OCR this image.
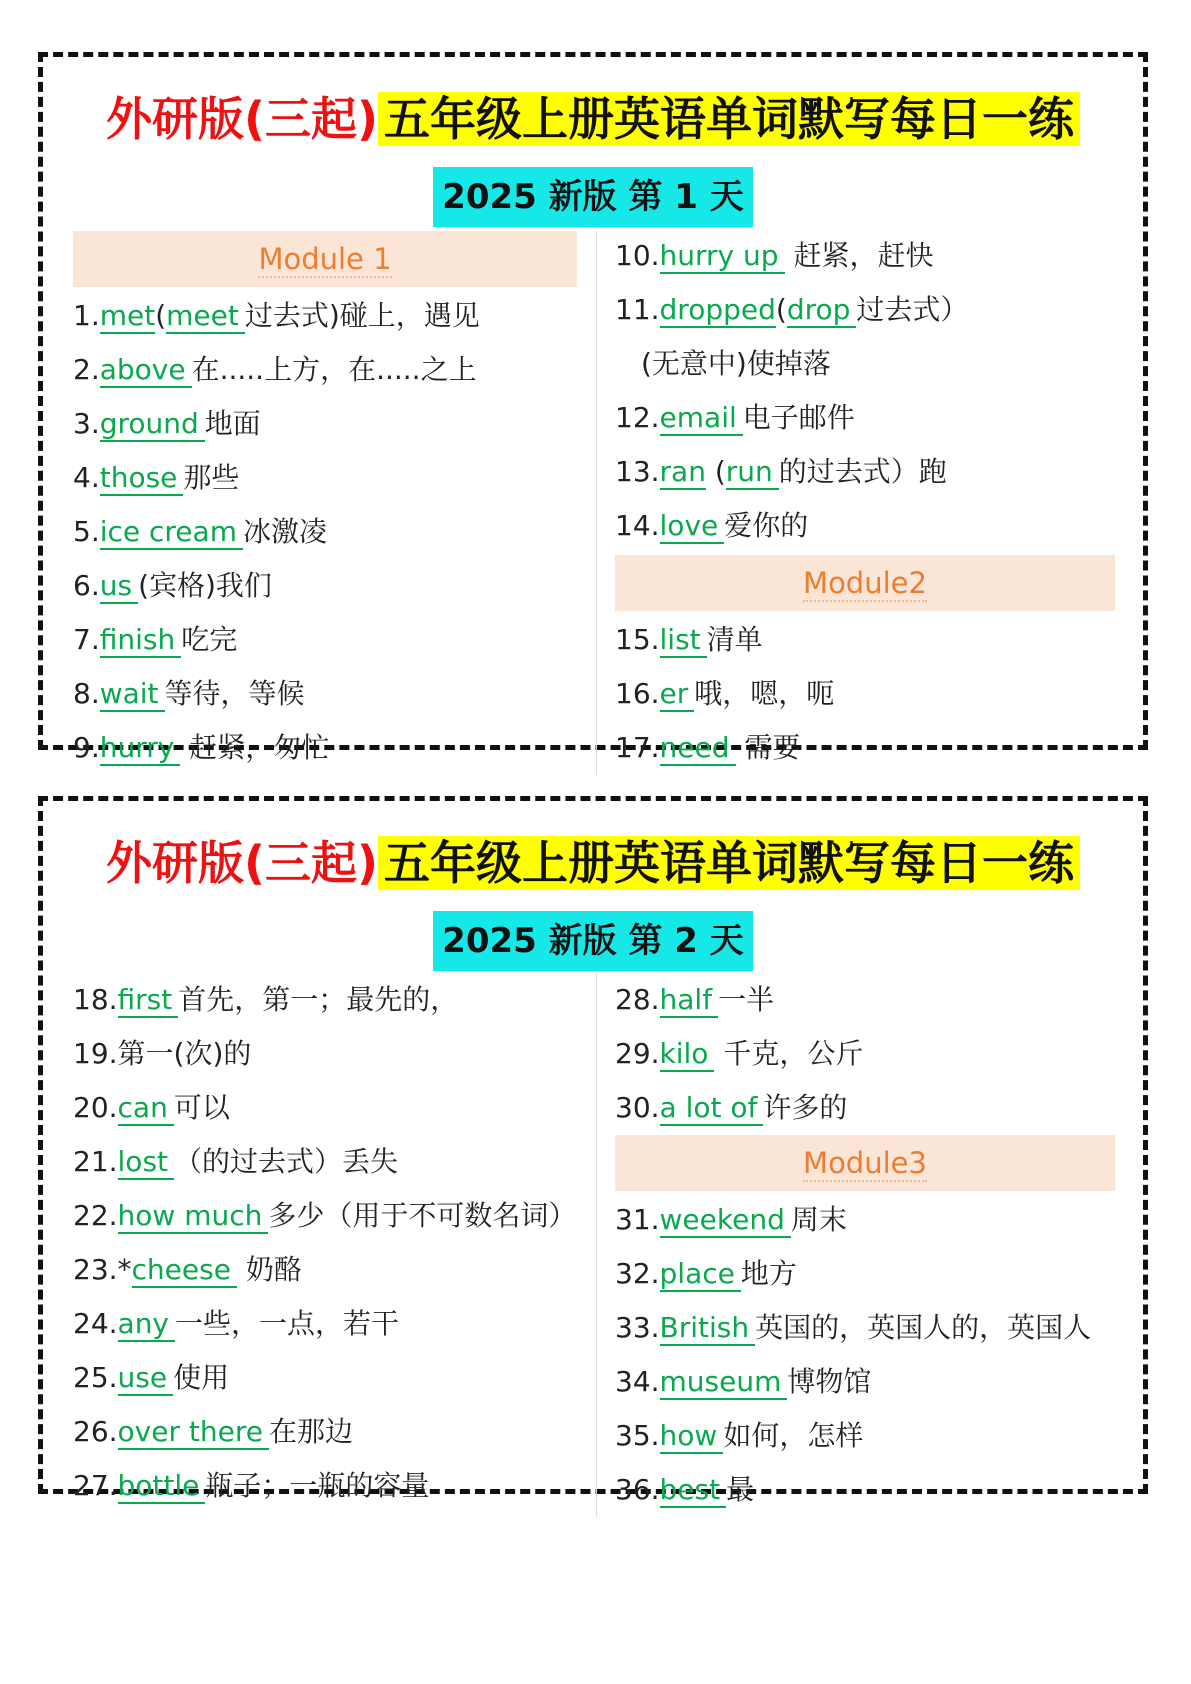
外研版(三起) 五年级上册英语单词默写每日一练
2025 新版 第 1 天
Module 1
1.met(meet 过去式)碰上，遇见
2.above 在.....上方，在.....之上
3.ground 地面
4.those 那些
5.ice cream 冰激凌
6.us (宾格)我们
7.finish 吃完
8.wait 等待，等候
9.hurry 赶紧，匆忙
10.hurry up 赶紧，赶快
11.dropped(drop 过去式）
(无意中)使掉落
12.email 电子邮件
13.ran (run 的过去式）跑
14.love 爱你的
Module2
15.list 清单
16.er 哦，嗯，呃
17.need 需要
外研版(三起) 五年级上册英语单词默写每日一练
2025 新版 第 2 天
18.first 首先，第一；最先的，
19.第一(次)的
20.can 可以
21.lost （的过去式）丢失
22.how much 多少（用于不可数名词）
23.*cheese 奶酪
24.any 一些，一点，若干
25.use 使用
26.over there 在那边
27.bottle 瓶子；一瓶的容量
28.half 一半
29.kilo 千克，公斤
30.a lot of 许多的
Module3
31.weekend 周末
32.place 地方
33.British 英国的，英国人的，英国人
34.museum 博物馆
35.how 如何，怎样
36.best 最
